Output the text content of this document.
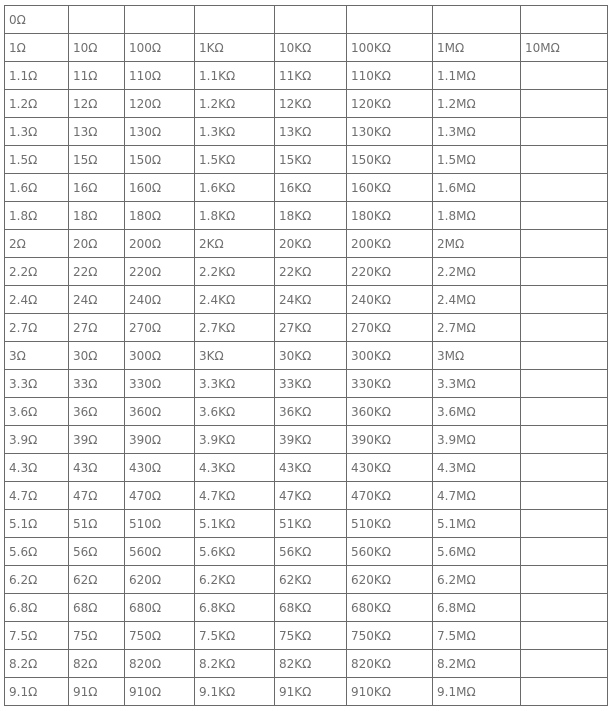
0Ω							
1Ω	10Ω	100Ω	1KΩ	10KΩ	100KΩ	1MΩ	10MΩ
1.1Ω	11Ω	110Ω	1.1KΩ	11KΩ	110KΩ	1.1MΩ	
1.2Ω	12Ω	120Ω	1.2KΩ	12KΩ	120KΩ	1.2MΩ	
1.3Ω	13Ω	130Ω	1.3KΩ	13KΩ	130KΩ	1.3MΩ	
1.5Ω	15Ω	150Ω	1.5KΩ	15KΩ	150KΩ	1.5MΩ	
1.6Ω	16Ω	160Ω	1.6KΩ	16KΩ	160KΩ	1.6MΩ	
1.8Ω	18Ω	180Ω	1.8KΩ	18KΩ	180KΩ	1.8MΩ	
2Ω	20Ω	200Ω	2KΩ	20KΩ	200KΩ	2MΩ	
2.2Ω	22Ω	220Ω	2.2KΩ	22KΩ	220KΩ	2.2MΩ	
2.4Ω	24Ω	240Ω	2.4KΩ	24KΩ	240KΩ	2.4MΩ	
2.7Ω	27Ω	270Ω	2.7KΩ	27KΩ	270KΩ	2.7MΩ	
3Ω	30Ω	300Ω	3KΩ	30KΩ	300KΩ	3MΩ	
3.3Ω	33Ω	330Ω	3.3KΩ	33KΩ	330KΩ	3.3MΩ	
3.6Ω	36Ω	360Ω	3.6KΩ	36KΩ	360KΩ	3.6MΩ	
3.9Ω	39Ω	390Ω	3.9KΩ	39KΩ	390KΩ	3.9MΩ	
4.3Ω	43Ω	430Ω	4.3KΩ	43KΩ	430KΩ	4.3MΩ	
4.7Ω	47Ω	470Ω	4.7KΩ	47KΩ	470KΩ	4.7MΩ	
5.1Ω	51Ω	510Ω	5.1KΩ	51KΩ	510KΩ	5.1MΩ	
5.6Ω	56Ω	560Ω	5.6KΩ	56KΩ	560KΩ	5.6MΩ	
6.2Ω	62Ω	620Ω	6.2KΩ	62KΩ	620KΩ	6.2MΩ	
6.8Ω	68Ω	680Ω	6.8KΩ	68KΩ	680KΩ	6.8MΩ	
7.5Ω	75Ω	750Ω	7.5KΩ	75KΩ	750KΩ	7.5MΩ	
8.2Ω	82Ω	820Ω	8.2KΩ	82KΩ	820KΩ	8.2MΩ	
9.1Ω	91Ω	910Ω	9.1KΩ	91KΩ	910KΩ	9.1MΩ	
